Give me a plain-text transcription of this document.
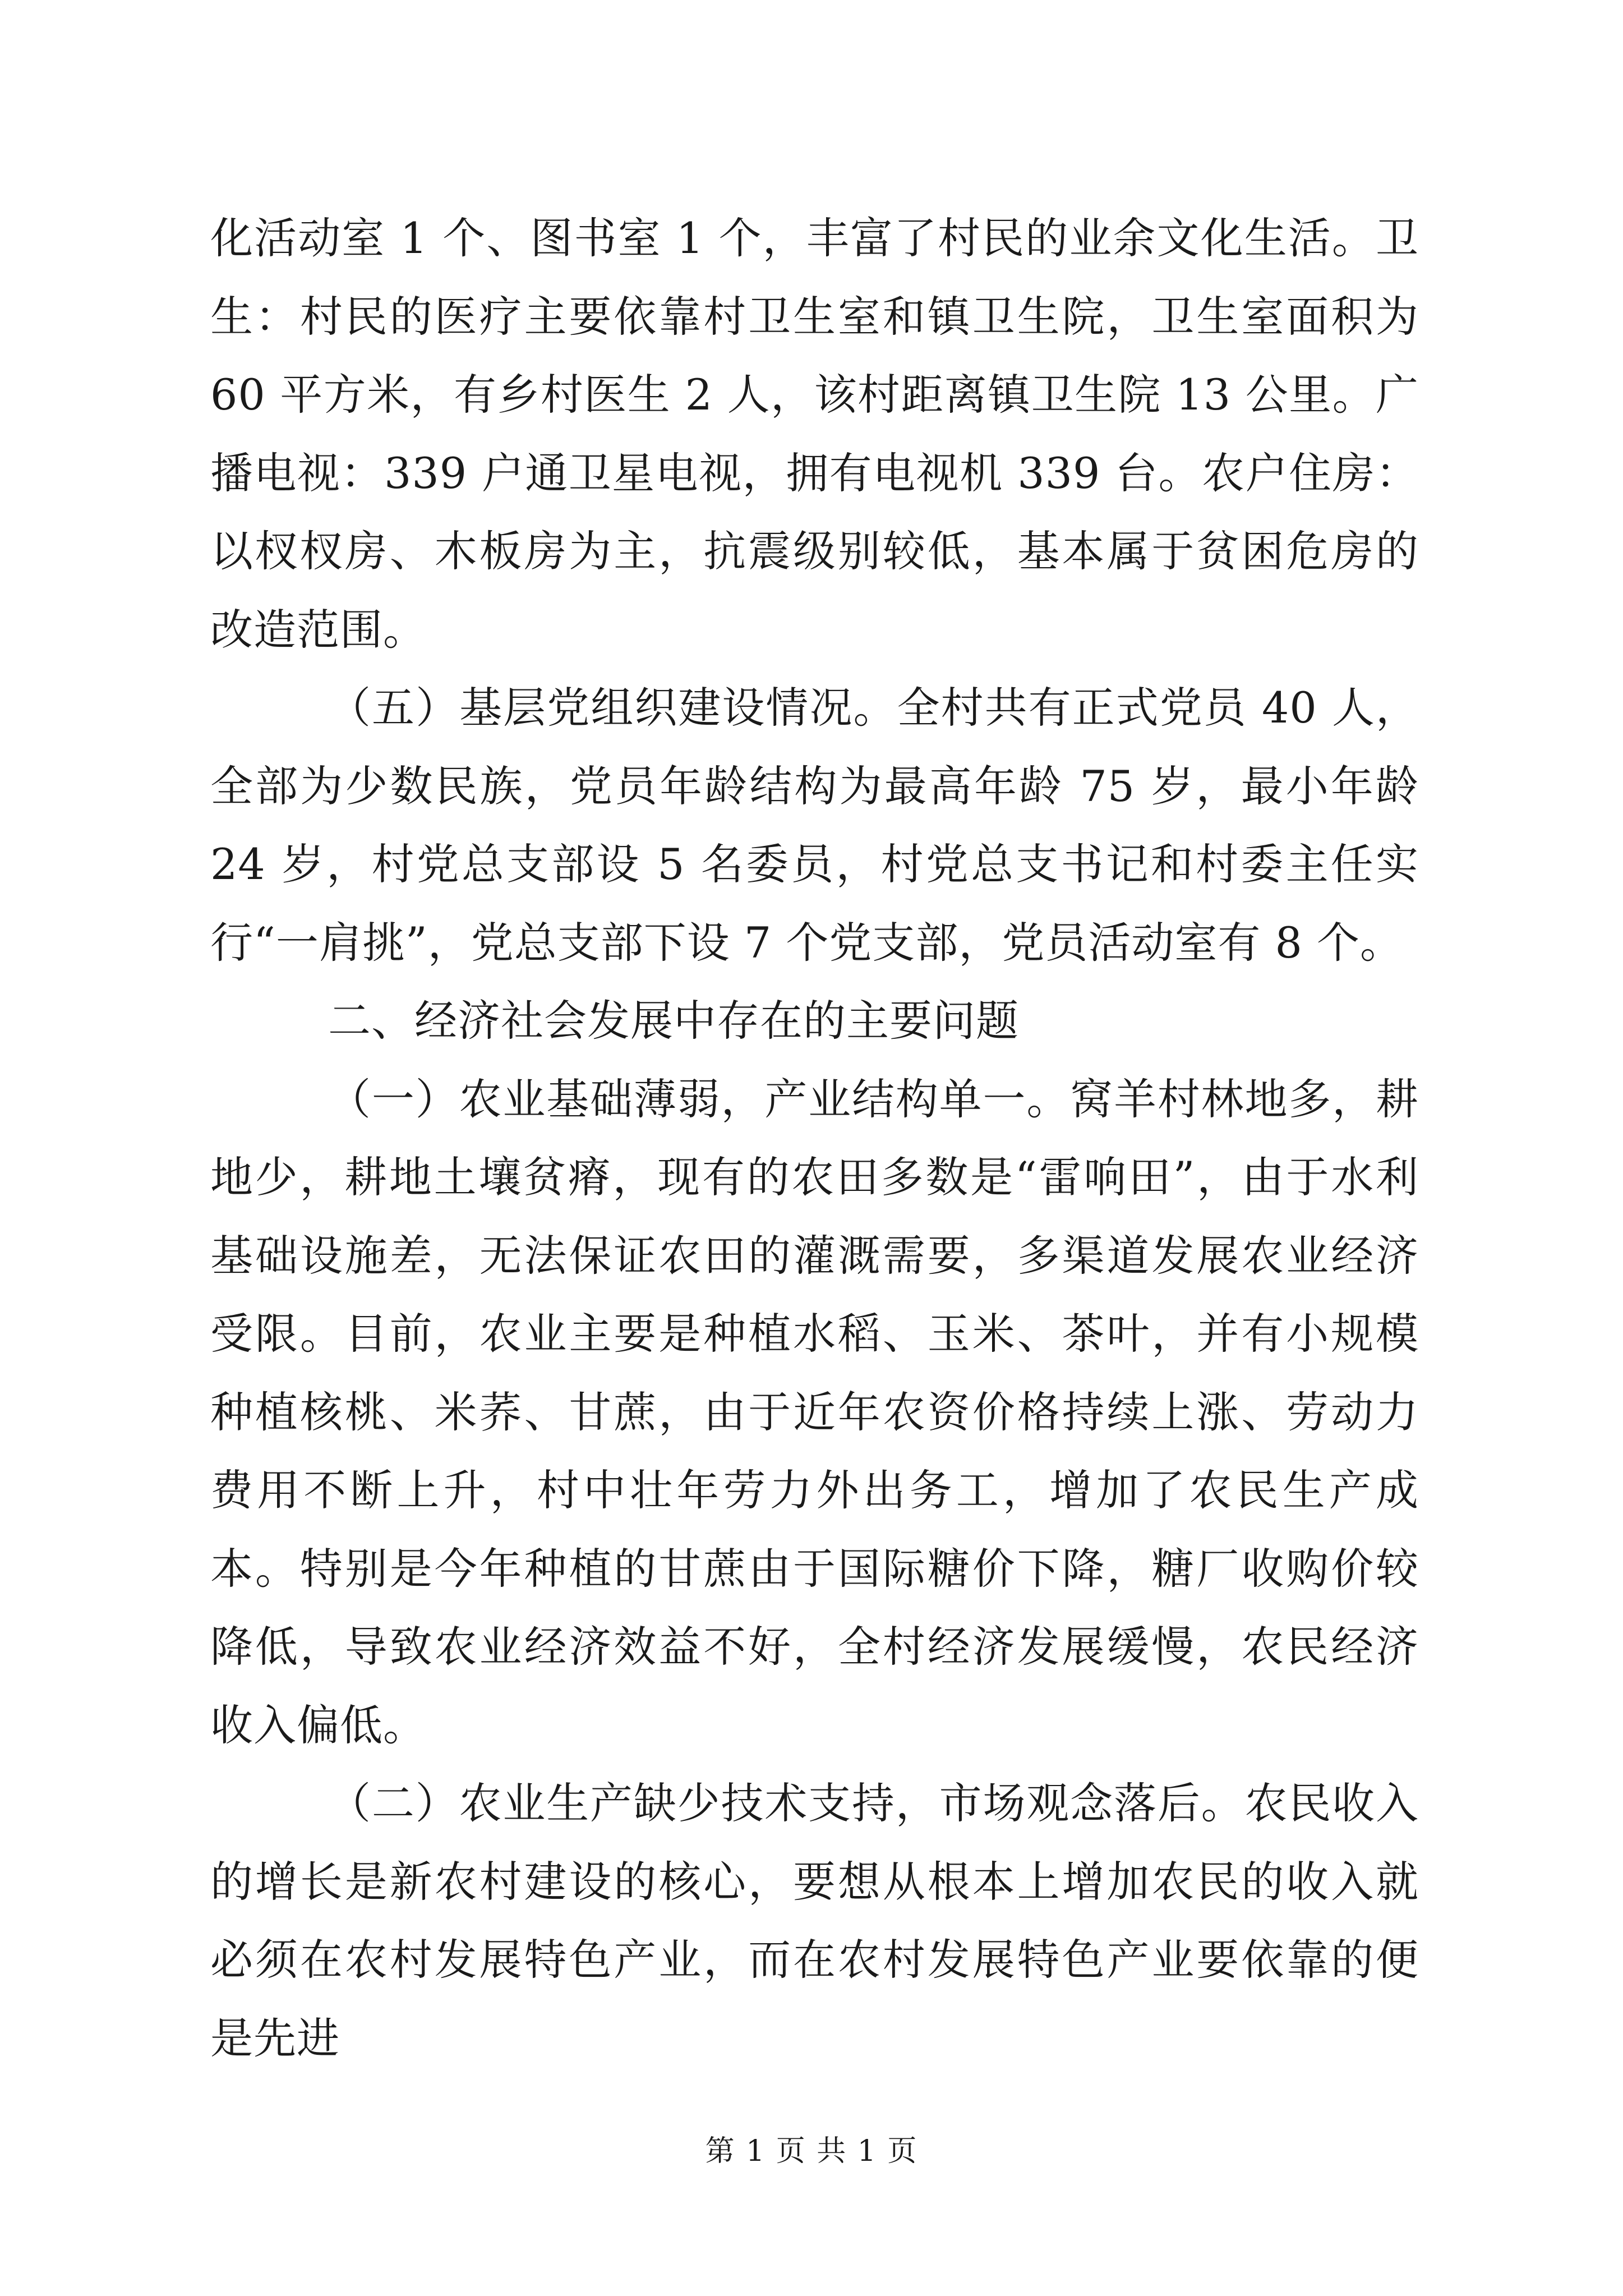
化活动室 1 个、图书室 1 个，丰富了村民的业余文化生活。卫生：村民的医疗主要依靠村卫生室和镇卫生院，卫生室面积为 60 平方米，有乡村医生 2 人，该村距离镇卫生院 13 公里。广播电视：339 户通卫星电视，拥有电视机 339 台。农户住房：以杈杈房、木板房为主，抗震级别较低，基本属于贫困危房的改造范围。

（五）基层党组织建设情况。全村共有正式党员 40 人，全部为少数民族，党员年龄结构为最高年龄 75 岁，最小年龄 24 岁，村党总支部设 5 名委员，村党总支书记和村委主任实行“一肩挑”，党总支部下设 7 个党支部，党员活动室有 8 个。

二、经济社会发展中存在的主要问题

（一）农业基础薄弱，产业结构单一。窝羊村林地多，耕地少，耕地土壤贫瘠，现有的农田多数是“雷响田”，由于水利基础设施差，无法保证农田的灌溉需要，多渠道发展农业经济受限。目前，农业主要是种植水稻、玉米、茶叶，并有小规模种植核桃、米荞、甘蔗，由于近年农资价格持续上涨、劳动力费用不断上升，村中壮年劳力外出务工，增加了农民生产成本。特别是今年种植的甘蔗由于国际糖价下降，糖厂收购价较降低，导致农业经济效益不好，全村经济发展缓慢，农民经济收入偏低。

（二）农业生产缺少技术支持，市场观念落后。农民收入的增长是新农村建设的核心，要想从根本上增加农民的收入就必须在农村发展特色产业，而在农村发展特色产业要依靠的便是先进

第 1 页 共 1 页
